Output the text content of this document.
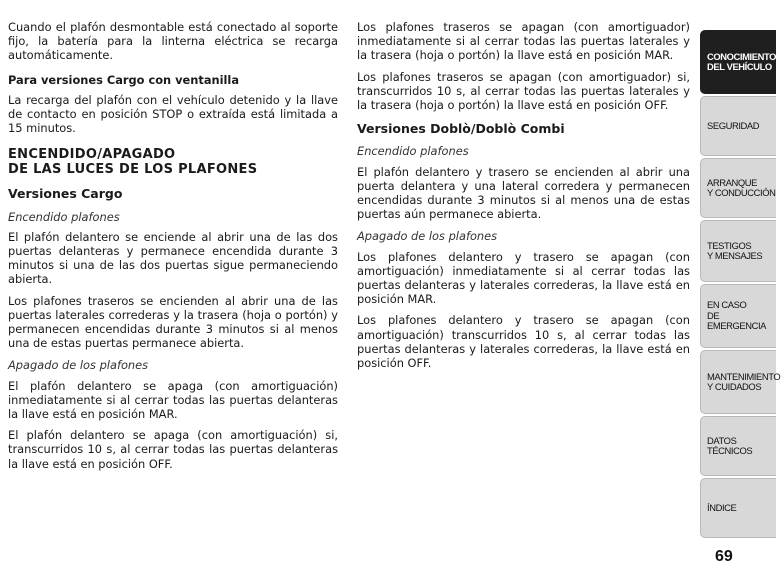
Cuando el plafón desmontable está conectado al soporte fijo, la batería para la linterna eléctrica se recarga automáticamente.

Para versiones Cargo con ventanilla

La recarga del plafón con el vehículo detenido y la llave de contacto en posición STOP o extraída está limitada a 15 minutos.

ENCENDIDO/APAGADO
DE LAS LUCES DE LOS PLAFONES
Versiones Cargo
Encendido plafones

El plafón delantero se enciende al abrir una de las dos puertas delanteras y permanece encendida durante 3 minutos si una de las dos puertas sigue permaneciendo abierta.

Los plafones traseros se encienden al abrir una de las puertas laterales correderas y la trasera (hoja o portón) y permanecen encendidas durante 3 minutos si al menos una de estas puertas permanece abierta.

Apagado de los plafones

El plafón delantero se apaga (con amortiguación) inmediatamente si al cerrar todas las puertas delanteras la llave está en posición MAR.

El plafón delantero se apaga (con amortiguación) si, transcurridos 10 s, al cerrar todas las puertas delanteras la llave está en posición OFF.

Los plafones traseros se apagan (con amortiguador) inmediatamente si al cerrar todas las puertas laterales y la trasera (hoja o portón) la llave está en posición MAR.

Los plafones traseros se apagan (con amortiguador) si, transcurridos 10 s, al cerrar todas las puertas laterales y la trasera (hoja o portón) la llave está en posición OFF.

Versiones Doblò/Doblò Combi
Encendido plafones

El plafón delantero y trasero se encienden al abrir una puerta delantera y una lateral corredera y permanecen encendidas durante 3 minutos si al menos una de estas puertas aún permanece abierta.

Apagado de los plafones

Los plafones delantero y trasero se apagan (con amortiguación) inmediatamente si al cerrar todas las puertas delanteras y laterales correderas, la llave está en posición MAR.

Los plafones delantero y trasero se apagan (con amortiguación) transcurridos 10 s, al cerrar todas las puertas delanteras y laterales correderas, la llave está en posición OFF.

CONOCIMIENTO
DEL VEHÍCULO
SEGURIDAD
ARRANQUE
Y CONDUCCIÓN
TESTIGOS
Y MENSAJES
EN CASO
DE EMERGENCIA
MANTENIMIENTO
Y CUIDADOS
DATOS TÉCNICOS
ÍNDICE
69
